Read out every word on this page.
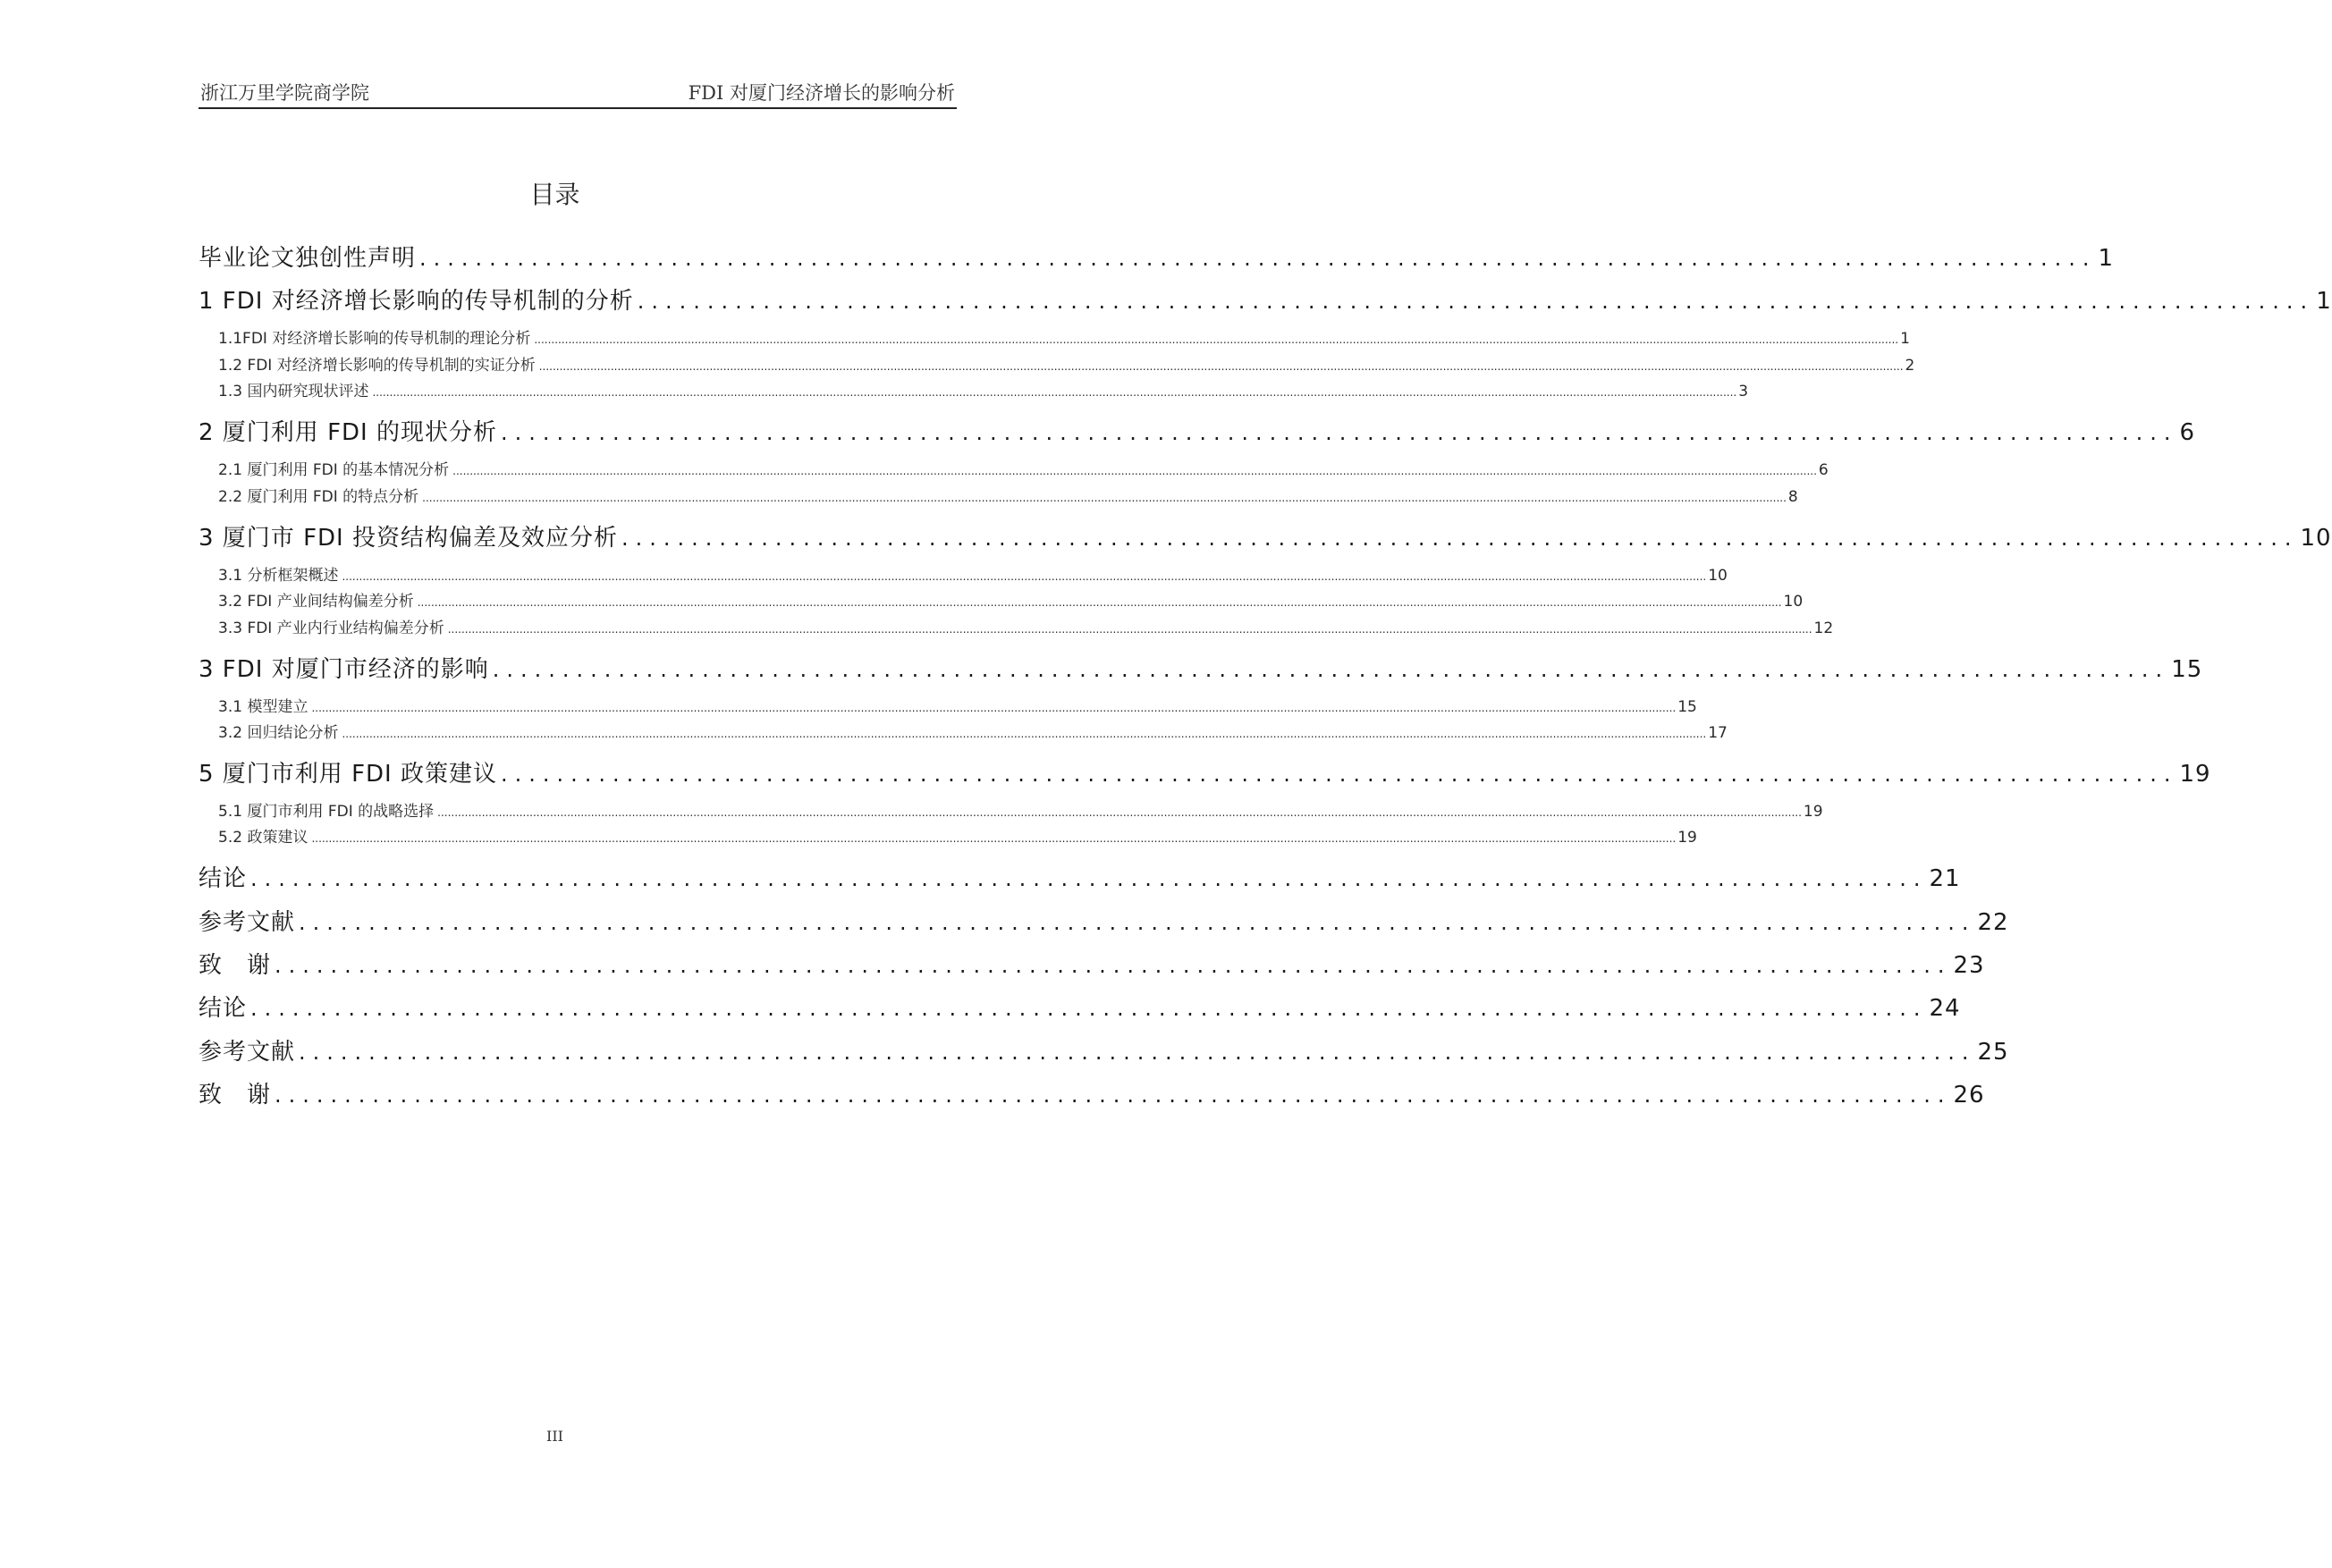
浙江万里学院商学院	FDI 对厦门经济增长的影响分析
目录
毕业论文独创性声明 ........................................................................................................................ 1
1 FDI 对经济增长影响的传导机制的分析 ........................................................................................................................ 1
1.1FDI 对经济增长影响的传导机制的理论分析 ................................................................................................................................................................................................................................................................................................................................................................................................................ 1
1.2 FDI 对经济增长影响的传导机制的实证分析 ................................................................................................................................................................................................................................................................................................................................................................................................................ 2
1.3 国内研究现状评述 ................................................................................................................................................................................................................................................................................................................................................................................................................ 3
2 厦门利用 FDI 的现状分析 ........................................................................................................................ 6
2.1 厦门利用 FDI 的基本情况分析 ................................................................................................................................................................................................................................................................................................................................................................................................................ 6
2.2 厦门利用 FDI 的特点分析 ................................................................................................................................................................................................................................................................................................................................................................................................................ 8
3 厦门市 FDI 投资结构偏差及效应分析 ........................................................................................................................ 10
3.1 分析框架概述 ................................................................................................................................................................................................................................................................................................................................................................................................................ 10
3.2 FDI 产业间结构偏差分析 ................................................................................................................................................................................................................................................................................................................................................................................................................ 10
3.3 FDI 产业内行业结构偏差分析 ................................................................................................................................................................................................................................................................................................................................................................................................................ 12
3 FDI 对厦门市经济的影响 ........................................................................................................................ 15
3.1 模型建立 ................................................................................................................................................................................................................................................................................................................................................................................................................ 15
3.2 回归结论分析 ................................................................................................................................................................................................................................................................................................................................................................................................................ 17
5 厦门市利用 FDI 政策建议 ........................................................................................................................ 19
5.1 厦门市利用 FDI 的战略选择 ................................................................................................................................................................................................................................................................................................................................................................................................................ 19
5.2 政策建议 ................................................................................................................................................................................................................................................................................................................................................................................................................ 19
结论 ........................................................................................................................ 21
参考文献 ........................................................................................................................ 22
致　谢 ........................................................................................................................ 23
结论 ........................................................................................................................ 24
参考文献 ........................................................................................................................ 25
致　谢 ........................................................................................................................ 26
III
